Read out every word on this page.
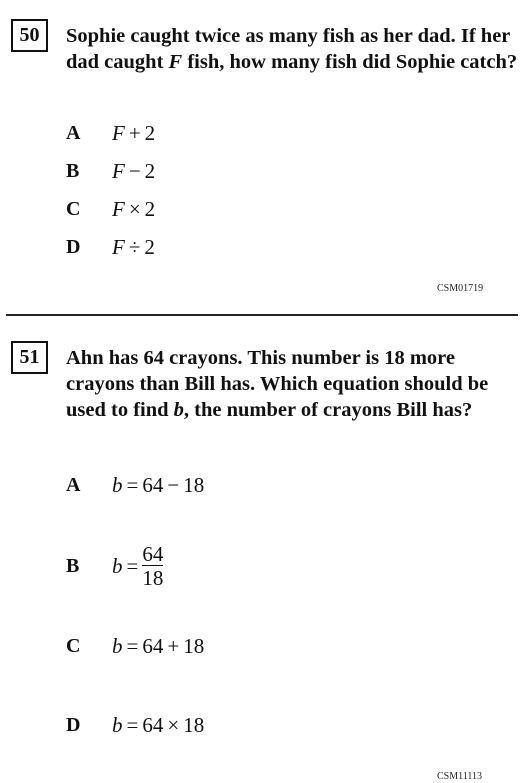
50	Sophie caught twice as many fish as her dad. If her dad caught F fish, how many fish did Sophie catch?

A	F + 2
B	F − 2
C	F × 2
D	F ÷ 2
CSM01719
51	Ahn has 64 crayons. This number is 18 more crayons than Bill has. Which equation should be used to find b, the number of crayons Bill has?

A	b = 64 − 18
B	$b = \frac{64}{18}$
C	b = 64 + 18
D	b = 64 × 18
CSM11113
